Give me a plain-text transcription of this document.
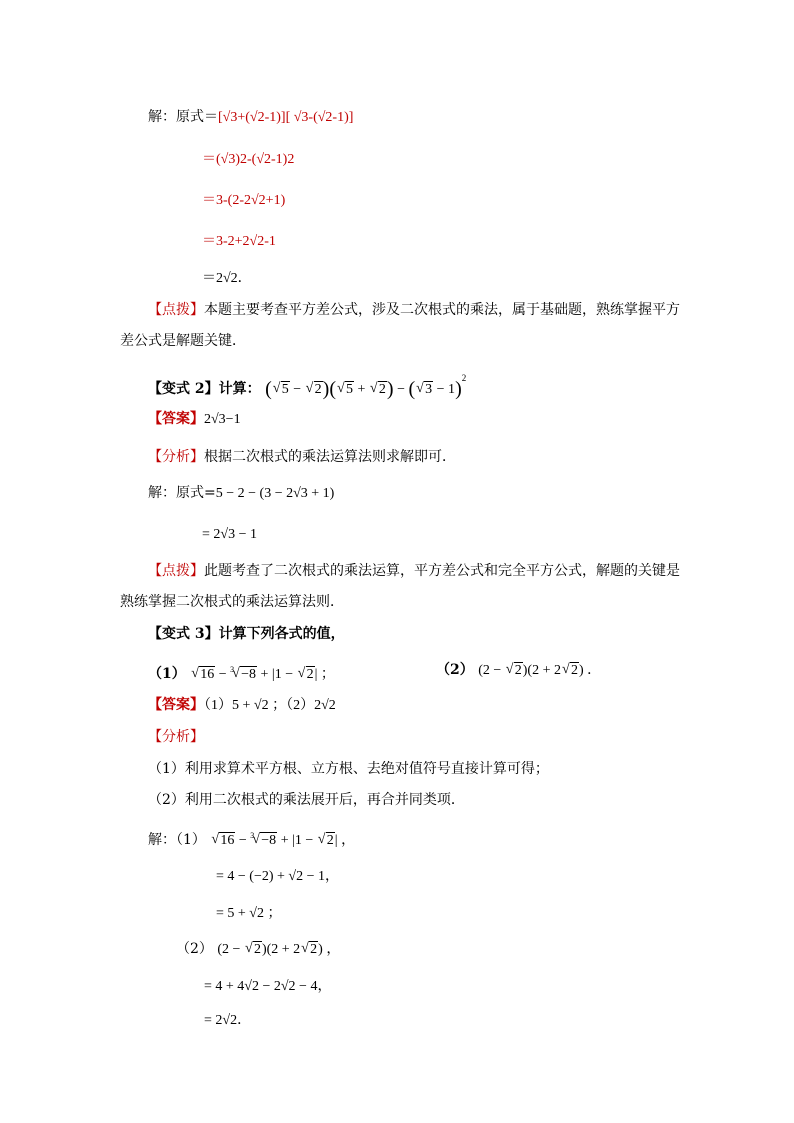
解：原式＝[√3+(√2-1)][ √3-(√2-1)]
＝(√3)2-(√2-1)2
＝3-(2-2√2+1)
＝3-2+2√2-1
＝2√2．
【点拨】本题主要考查平方差公式，涉及二次根式的乘法，属于基础题，熟练掌握平方
差公式是解题关键．
【变式 2】计算： ( √ 5 − √ 2)( √ 5 + √ 2) − ( √ 3 − 1)$^2$
【答案】2√3−1
【分析】根据二次根式的乘法运算法则求解即可．
解：原式=5 − 2 − (3 − 2√3 + 1)
= 2√3 − 1
【点拨】此题考查了二次根式的乘法运算，平方差公式和完全平方公式，解题的关键是
熟练掌握二次根式的乘法运算法则．
【变式 3】计算下列各式的值，
（1） √ 16 − $^3$ √ −8 + |1 − √ 2| ；	（2） (2 − √ 2)(2 + 2 √ 2) ．
【答案】（1）5 + √2 ；（2）2√2
【分析】
（1）利用求算术平方根、立方根、去绝对值符号直接计算可得；
（2）利用二次根式的乘法展开后，再合并同类项．
解：（1） √ 16 − $^3$ √ −8 + |1 − √ 2| ，
= 4 − (−2) + √2 − 1，
= 5 + √2 ；
（2） (2 − √ 2)(2 + 2 √ 2) ，
= 4 + 4√2 − 2√2 − 4，
= 2√2．
